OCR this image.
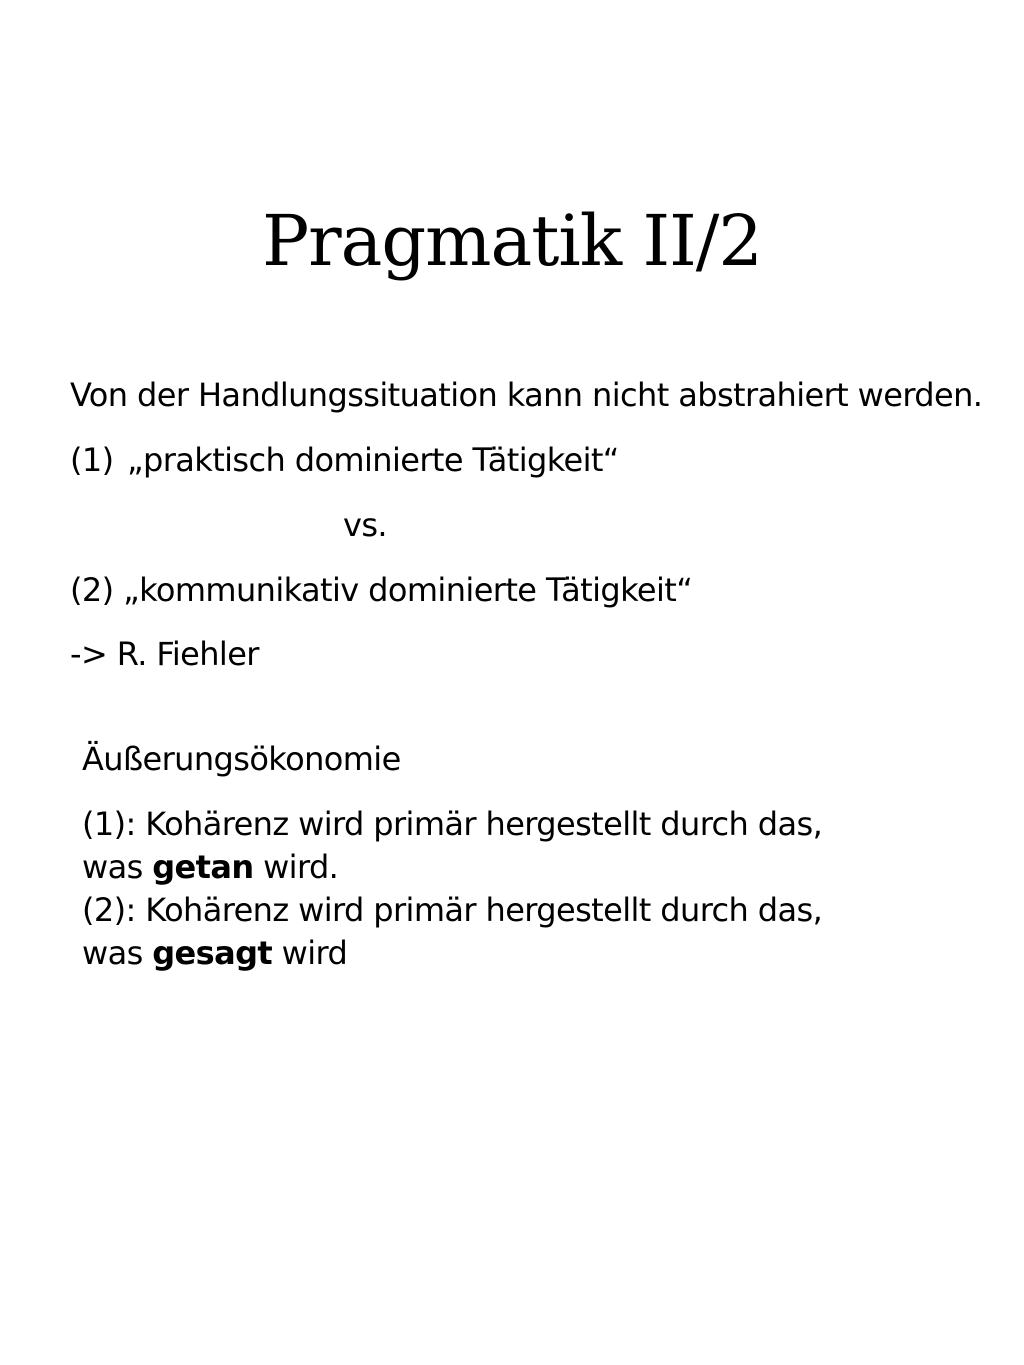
Pragmatik II/2
Von der Handlungssituation kann nicht abstrahiert werden.
(1) „praktisch dominierte Tätigkeit“
vs.
(2) „kommunikativ dominierte Tätigkeit“
-> R. Fiehler
Äußerungsökonomie
(1): Kohärenz wird primär hergestellt durch das,
was getan wird.
(2): Kohärenz wird primär hergestellt durch das,
was gesagt wird
